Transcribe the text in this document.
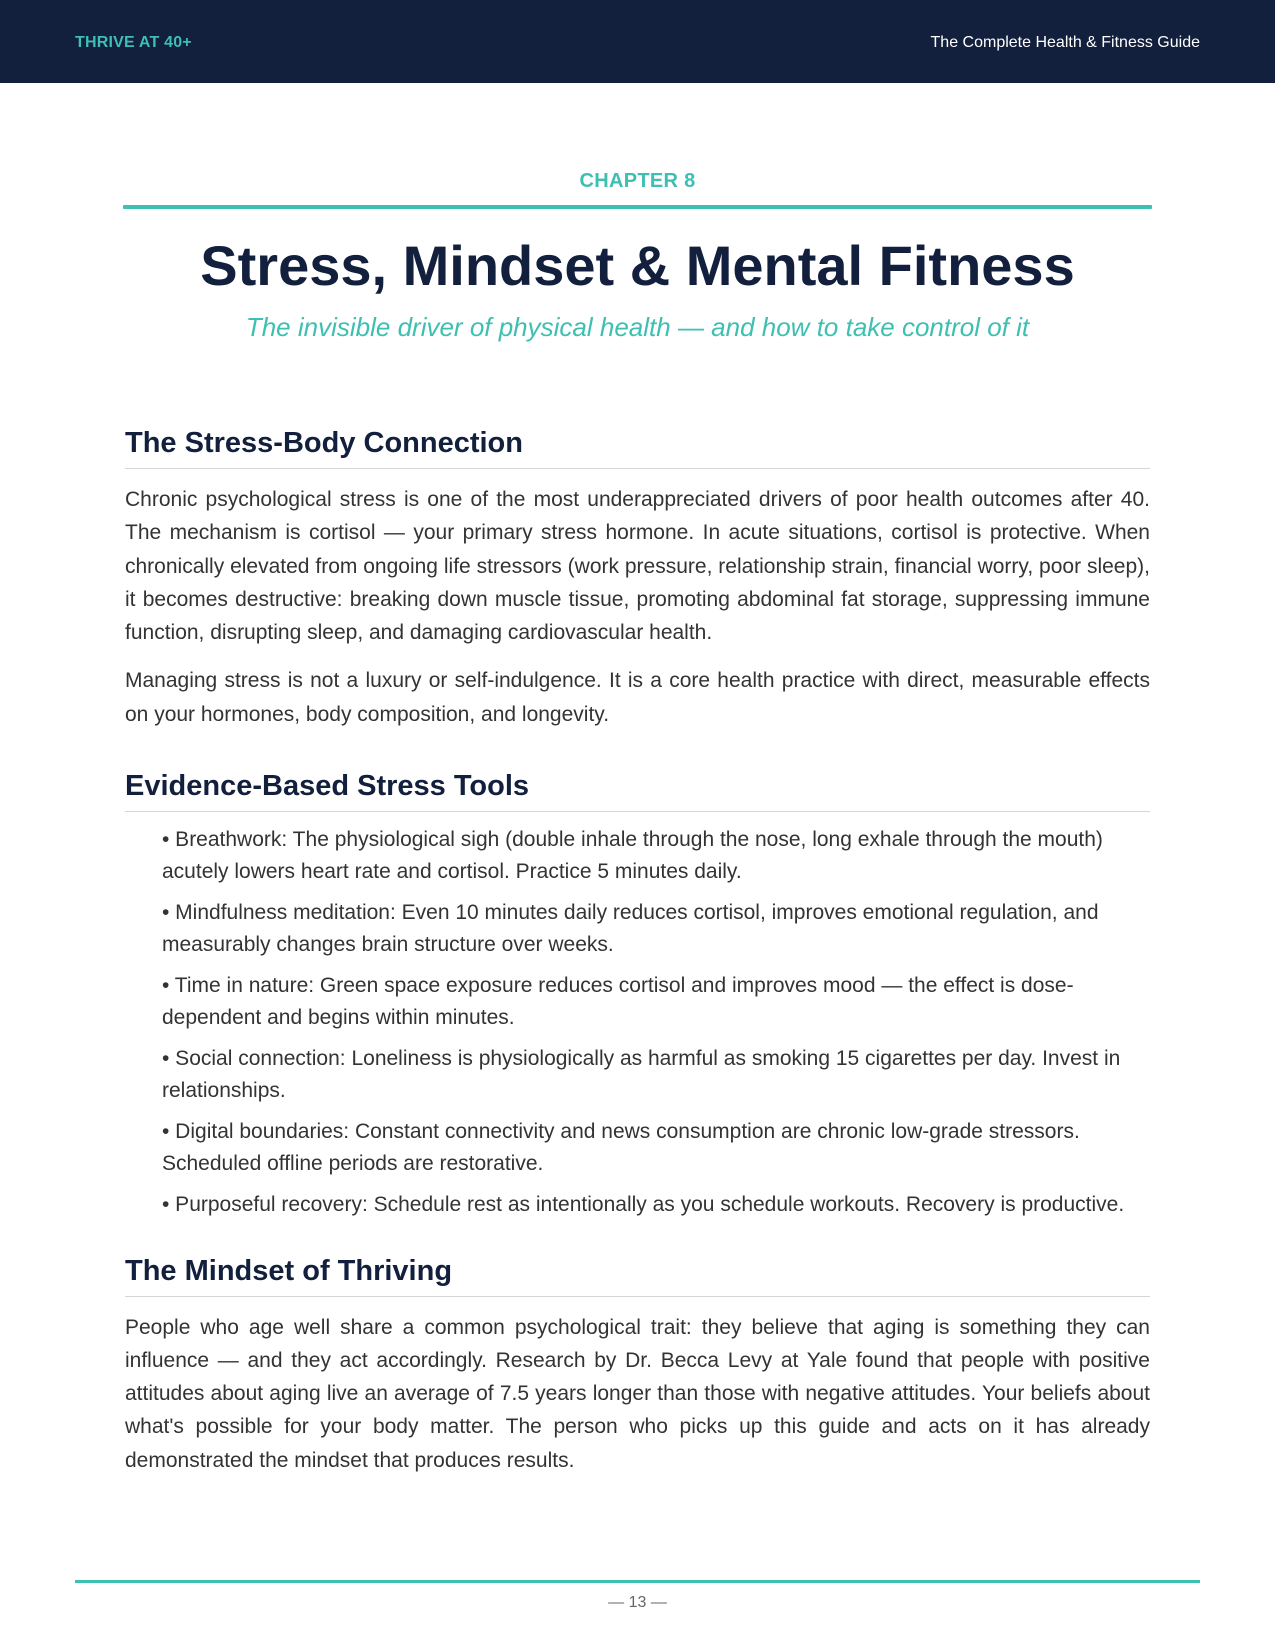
THRIVE AT 40+	The Complete Health & Fitness Guide
CHAPTER 8
Stress, Mindset & Mental Fitness
The invisible driver of physical health — and how to take control of it
The Stress-Body Connection

Chronic psychological stress is one of the most underappreciated drivers of poor health outcomes after 40. The mechanism is cortisol — your primary stress hormone. In acute situations, cortisol is protective. When chronically elevated from ongoing life stressors (work pressure, relationship strain, financial worry, poor sleep), it becomes destructive: breaking down muscle tissue, promoting abdominal fat storage, suppressing immune function, disrupting sleep, and damaging cardiovascular health.

Managing stress is not a luxury or self-indulgence. It is a core health practice with direct, measurable effects on your hormones, body composition, and longevity.

Evidence-Based Stress Tools
• Breathwork: The physiological sigh (double inhale through the nose, long exhale through the mouth) acutely lowers heart rate and cortisol. Practice 5 minutes daily.
• Mindfulness meditation: Even 10 minutes daily reduces cortisol, improves emotional regulation, and measurably changes brain structure over weeks.
• Time in nature: Green space exposure reduces cortisol and improves mood — the effect is dose-dependent and begins within minutes.
• Social connection: Loneliness is physiologically as harmful as smoking 15 cigarettes per day. Invest in relationships.
• Digital boundaries: Constant connectivity and news consumption are chronic low-grade stressors. Scheduled offline periods are restorative.
• Purposeful recovery: Schedule rest as intentionally as you schedule workouts. Recovery is productive.
The Mindset of Thriving

People who age well share a common psychological trait: they believe that aging is something they can influence — and they act accordingly. Research by Dr. Becca Levy at Yale found that people with positive attitudes about aging live an average of 7.5 years longer than those with negative attitudes. Your beliefs about what's possible for your body matter. The person who picks up this guide and acts on it has already demonstrated the mindset that produces results.

— 13 —
